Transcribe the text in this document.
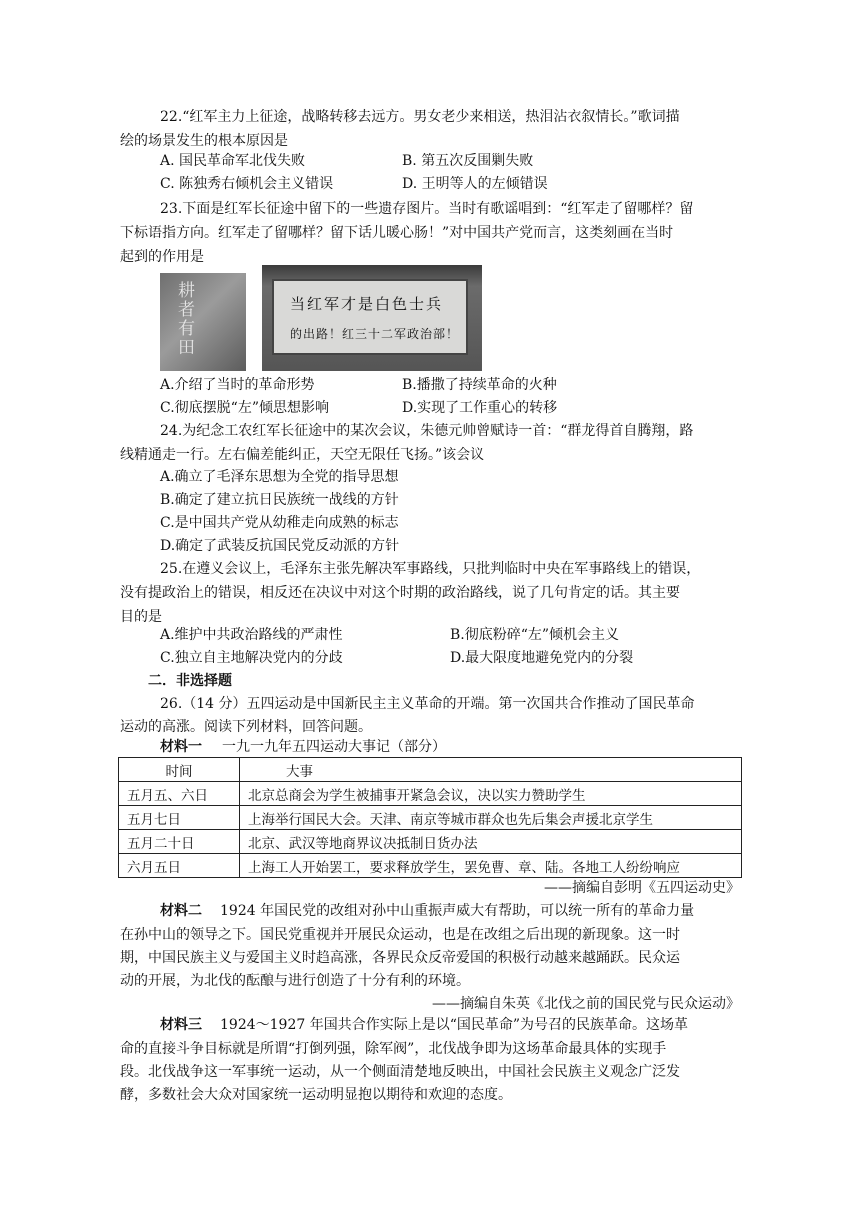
22.“红军主力上征途，战略转移去远方。男女老少来相送，热泪沾衣叙情长。”歌词描
绘的场景发生的根本原因是
A. 国民革命军北伐失败	B. 第五次反围剿失败
C. 陈独秀右倾机会主义错误	D. 王明等人的左倾错误
23.下面是红军长征途中留下的一些遗存图片。当时有歌谣唱到：“红军走了留哪样？留
下标语指方向。红军走了留哪样？留下话儿暖心肠！”对中国共产党而言，这类刻画在当时
起到的作用是
耕者有田	当红军才是白色士兵
的出路！红三十二军政治部！
A.介绍了当时的革命形势	B.播撒了持续革命的火种
C.彻底摆脱“左”倾思想影响	D.实现了工作重心的转移
24.为纪念工农红军长征途中的某次会议，朱德元帅曾赋诗一首：“群龙得首自腾翔，路
线精通走一行。左右偏差能纠正，天空无限任飞扬。”该会议
A.确立了毛泽东思想为全党的指导思想
B.确定了建立抗日民族统一战线的方针
C.是中国共产党从幼稚走向成熟的标志
D.确定了武装反抗国民党反动派的方针
25.在遵义会议上，毛泽东主张先解决军事路线，只批判临时中央在军事路线上的错误，
没有提政治上的错误，相反还在决议中对这个时期的政治路线，说了几句肯定的话。其主要
目的是
A.维护中共政治路线的严肃性	B.彻底粉碎“左”倾机会主义
C.独立自主地解决党内的分歧	D.最大限度地避免党内的分裂
二．非选择题
26.（14 分）五四运动是中国新民主主义革命的开端。第一次国共合作推动了国民革命
运动的高涨。阅读下列材料，回答问题。
材料一 一九一九年五四运动大事记（部分）
时间	大事
五月五、六日	北京总商会为学生被捕事开紧急会议，决以实力赞助学生
五月七日	上海举行国民大会。天津、南京等城市群众也先后集会声援北京学生
五月二十日	北京、武汉等地商界议决抵制日货办法
六月五日	上海工人开始罢工，要求释放学生，罢免曹、章、陆。各地工人纷纷响应
——摘编自彭明《五四运动史》
材料二 1924 年国民党的改组对孙中山重振声威大有帮助，可以统一所有的革命力量
在孙中山的领导之下。国民党重视并开展民众运动，也是在改组之后出现的新现象。这一时
期，中国民族主义与爱国主义时趋高涨，各界民众反帝爱国的积极行动越来越踊跃。民众运
动的开展，为北伐的酝酿与进行创造了十分有利的环境。
——摘编自朱英《北伐之前的国民党与民众运动》
材料三 1924～1927 年国共合作实际上是以“国民革命”为号召的民族革命。这场革
命的直接斗争目标就是所谓“打倒列强，除军阀”，北伐战争即为这场革命最具体的实现手
段。北伐战争这一军事统一运动，从一个侧面清楚地反映出，中国社会民族主义观念广泛发
酵，多数社会大众对国家统一运动明显抱以期待和欢迎的态度。
